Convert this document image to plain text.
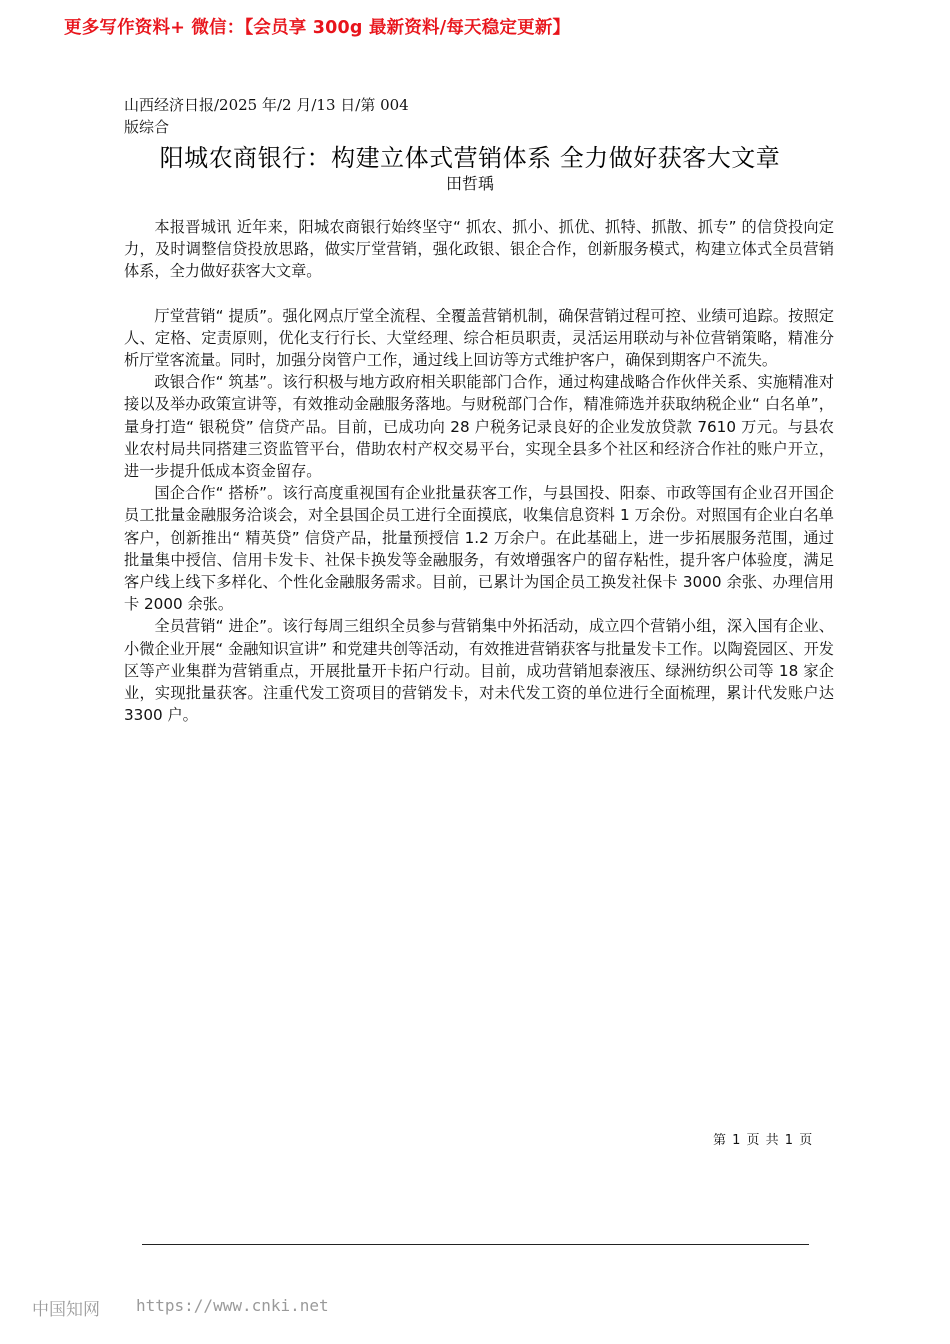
更多写作资料+ 微信：【会员享 300g 最新资料/每天稳定更新】
山西经济日报/2025 年/2 月/13 日/第 004 版综合
阳城农商银行：构建立体式营销体系 全力做好获客大文章
田哲瑀

本报晋城讯 近年来，阳城农商银行始终坚守“ 抓农、抓小、抓优、抓特、抓散、抓专” 的信贷投向定力，及时调整信贷投放思路，做实厅堂营销，强化政银、银企合作，创新服务模式，构建立体式全员营销体系，全力做好获客大文章。

厅堂营销“ 提质”。强化网点厅堂全流程、全覆盖营销机制，确保营销过程可控、业绩可追踪。按照定人、定格、定责原则，优化支行行长、大堂经理、综合柜员职责，灵活运用联动与补位营销策略，精准分析厅堂客流量。同时，加强分岗管户工作，通过线上回访等方式维护客户，确保到期客户不流失。

政银合作“ 筑基”。该行积极与地方政府相关职能部门合作，通过构建战略合作伙伴关系、实施精准对接以及举办政策宣讲等，有效推动金融服务落地。与财税部门合作，精准筛选并获取纳税企业“ 白名单”，量身打造“ 银税贷” 信贷产品。目前，已成功向 28 户税务记录良好的企业发放贷款 7610 万元。与县农业农村局共同搭建三资监管平台，借助农村产权交易平台，实现全县多个社区和经济合作社的账户开立，进一步提升低成本资金留存。

国企合作“ 搭桥”。该行高度重视国有企业批量获客工作，与县国投、阳泰、市政等国有企业召开国企员工批量金融服务洽谈会，对全县国企员工进行全面摸底，收集信息资料 1 万余份。对照国有企业白名单客户，创新推出“ 精英贷” 信贷产品，批量预授信 1.2 万余户。在此基础上，进一步拓展服务范围，通过批量集中授信、信用卡发卡、社保卡换发等金融服务，有效增强客户的留存粘性，提升客户体验度，满足客户线上线下多样化、个性化金融服务需求。目前，已累计为国企员工换发社保卡 3000 余张、办理信用卡 2000 余张。

全员营销“ 进企”。该行每周三组织全员参与营销集中外拓活动，成立四个营销小组，深入国有企业、小微企业开展“ 金融知识宣讲” 和党建共创等活动，有效推进营销获客与批量发卡工作。以陶瓷园区、开发区等产业集群为营销重点，开展批量开卡拓户行动。目前，成功营销旭泰液压、绿洲纺织公司等 18 家企业，实现批量获客。注重代发工资项目的营销发卡，对未代发工资的单位进行全面梳理，累计代发账户达 3300 户。

第 1 页 共 1 页
中国知网 https://www.cnki.net
